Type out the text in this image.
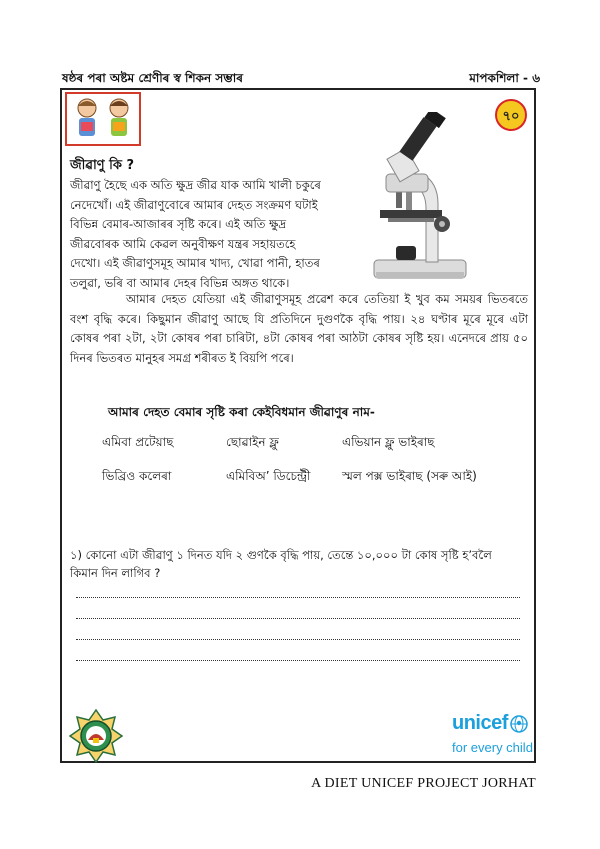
ষষ্ঠৰ পৰা অষ্টম শ্ৰেণীৰ স্ব শিকন সম্ভাৰ	মাপকশিলা - ৬
৭০
জীৱাণু কি ?
জীৱাণু হৈছে এক অতি ক্ষুদ্ৰ জীৱ যাক আমি খালী চকুৰে
নেদেখোঁ। এই জীৱাণুবোৰে আমাৰ দেহত সংক্ৰমণ ঘটাই
বিভিন্ন বেমাৰ-আজাৰৰ সৃষ্টি কৰে। এই অতি ক্ষুদ্ৰ
জীৱবোৰক আমি কেৱল অনুবীক্ষণ যন্ত্ৰৰ সহায়তহে
দেখো। এই জীৱাণুসমূহ আমাৰ খাদ্য, খোৱা পানী, হাতৰ
তলুৱা, ভৰি বা আমাৰ দেহৰ বিভিন্ন অঙ্গত থাকে।
আমাৰ দেহত যেতিয়া এই জীৱাণুসমূহ প্ৰৱেশ কৰে তেতিয়া ই খুব কম সময়ৰ ভিতৰতে বংশ বৃদ্ধি কৰে। কিছুমান জীৱাণু আছে যি প্ৰতিদিনে দুগুণকৈ বৃদ্ধি পায়। ২৪ ঘণ্টাৰ মূৰে মূৰে এটা কোষৰ পৰা ২টা, ২টা কোষৰ পৰা চাৰিটা, ৪টা কোষৰ পৰা আঠটা কোষৰ সৃষ্টি হয়। এনেদৰে প্ৰায় ৫০ দিনৰ ভিতৰত মানুহৰ সমগ্ৰ শৰীৰত ই বিয়পি পৰে।
আমাৰ দেহত বেমাৰ সৃষ্টি কৰা কেইবিধমান জীৱাণুৰ নাম-
এমিবা প্ৰটেয়াছ	ছোৱাইন ফ্লু	এভিয়ান ফ্লু ভাইৰাছ
ভিব্ৰিও কলেৰা	এমিবিঅ’ ডিচেন্ট্ৰী	স্মল পক্স ভাইৰাছ (সৰু আই)
১) কোনো এটা জীৱাণু ১ দিনত যদি ২ গুণকৈ বৃদ্ধি পায়, তেন্তে ১০,০০০ টা কোষ সৃষ্টি হ’বলৈ
কিমান দিন লাগিব ?
unicef
for every child
A DIET UNICEF PROJECT JORHAT
